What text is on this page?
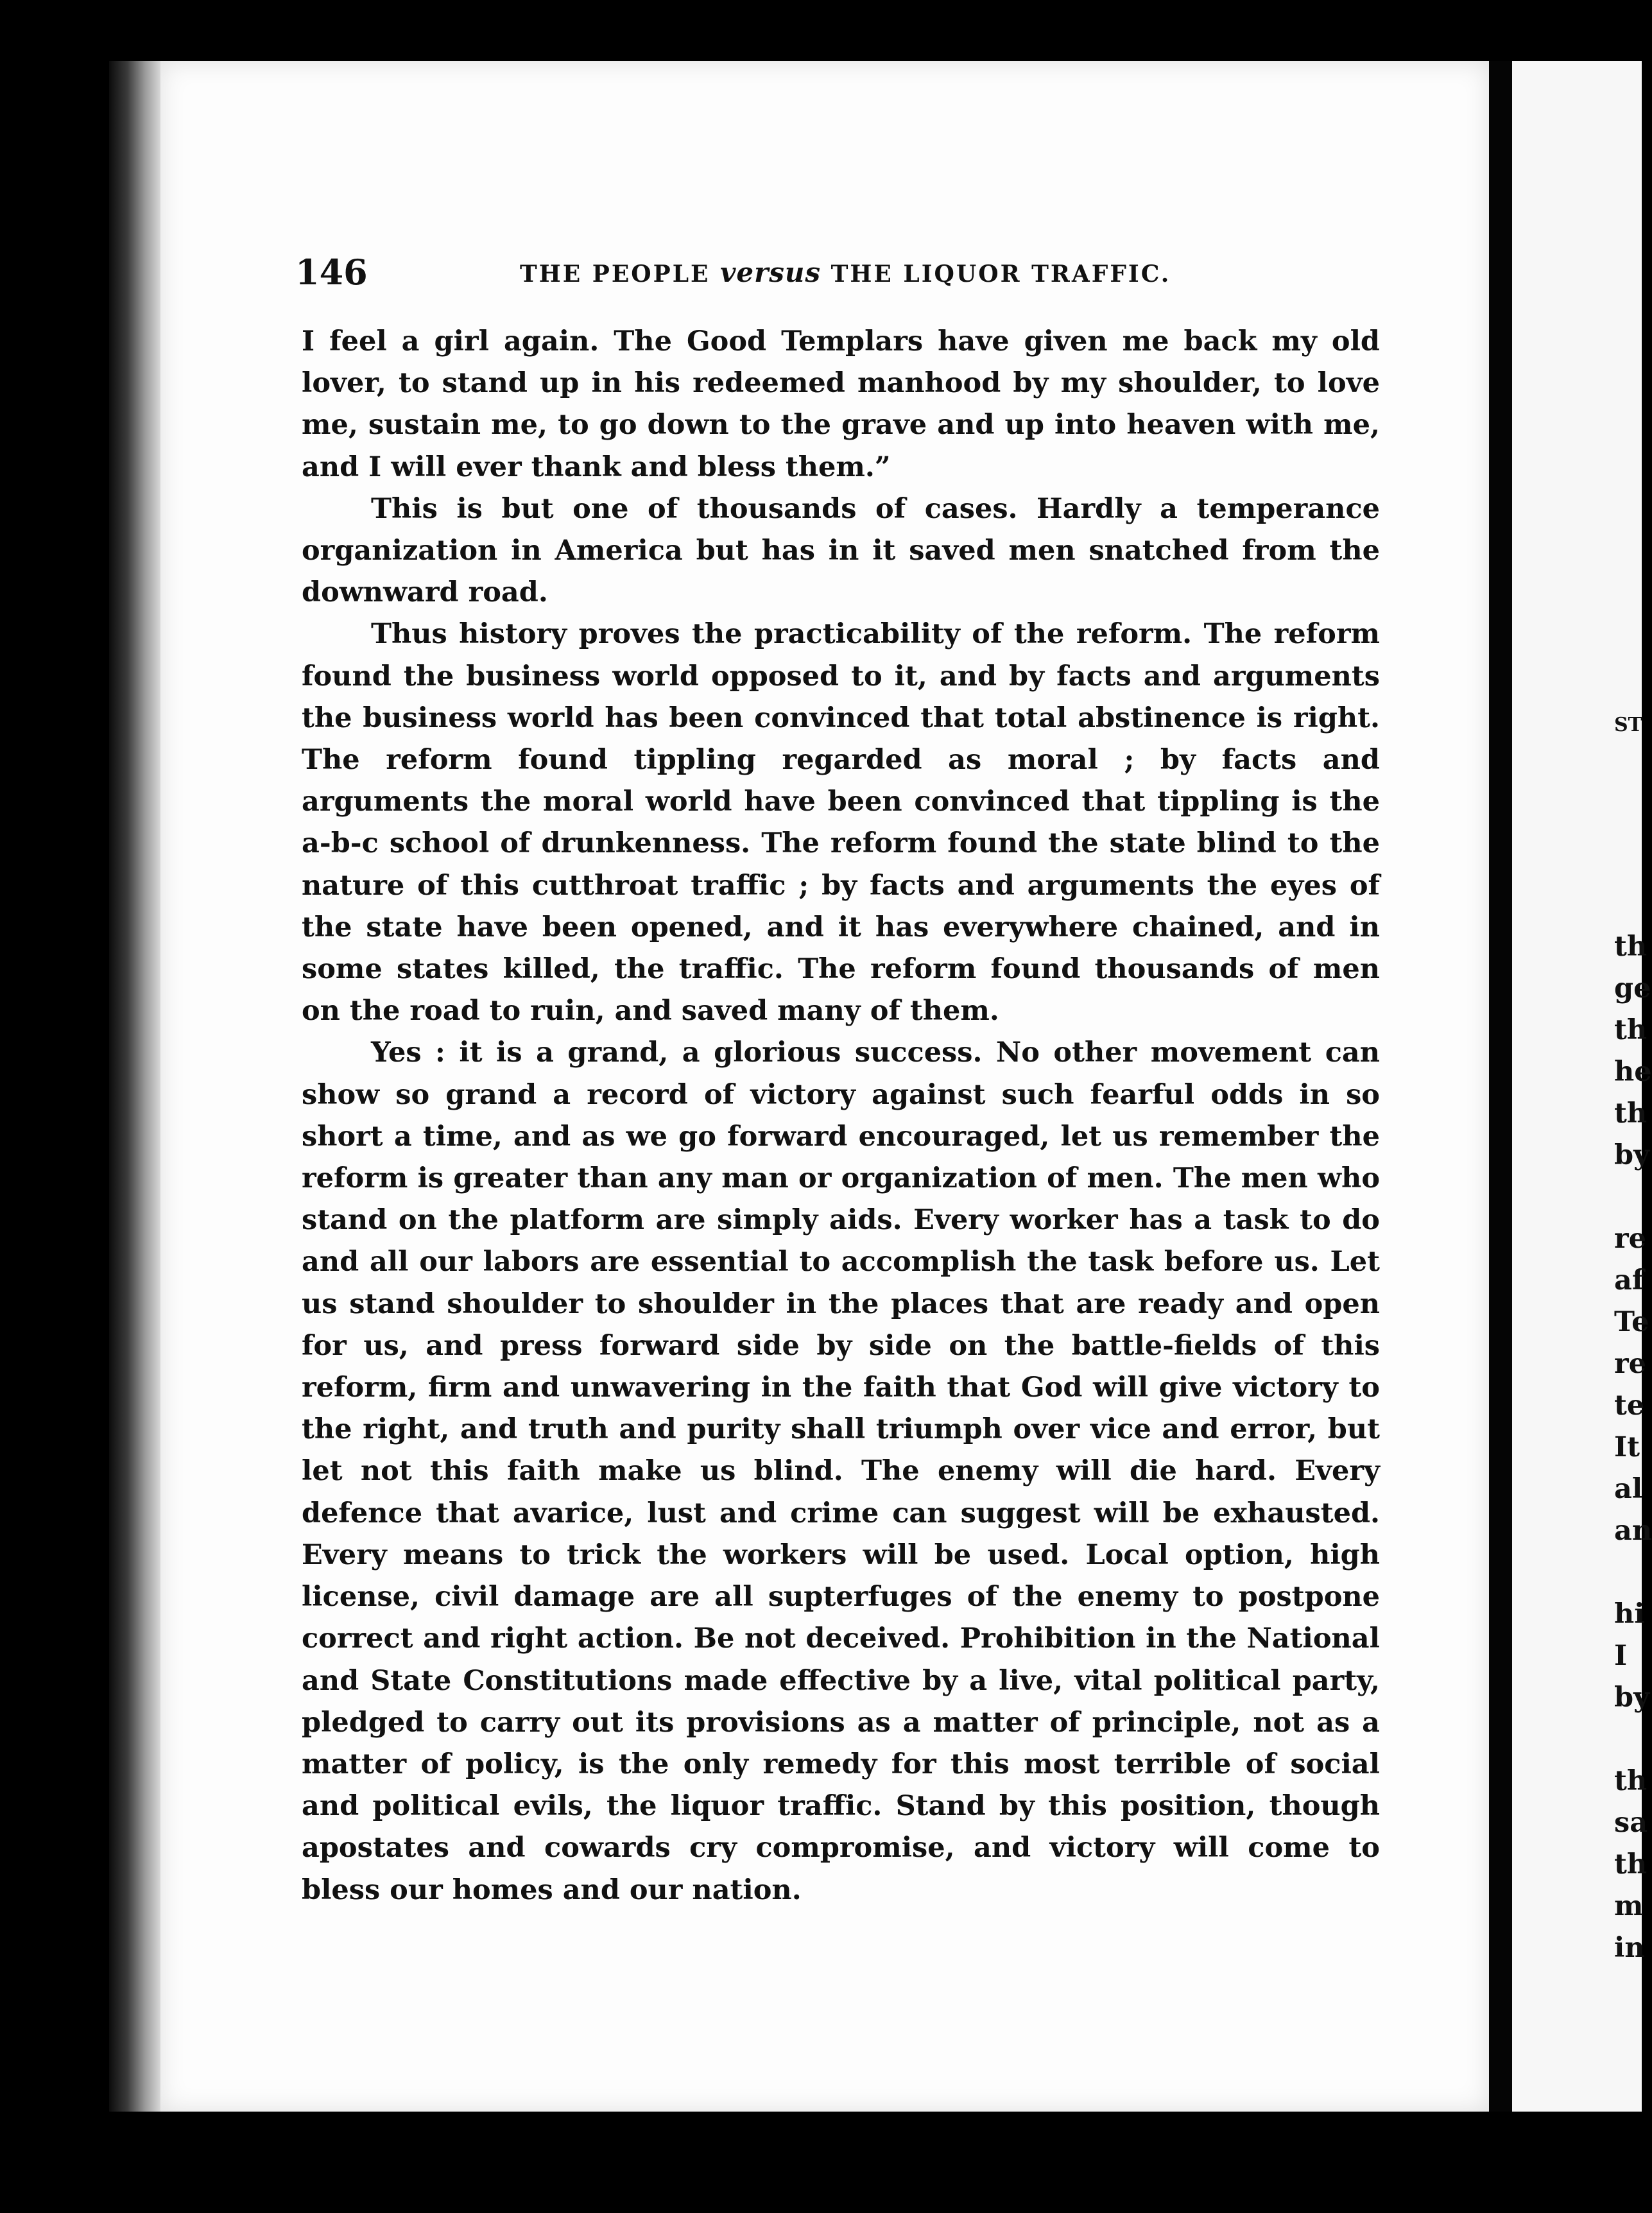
146	THE PEOPLE versus THE LIQUOR TRAFFIC.

I feel a girl again. The Good Templars have given me back my old lover, to stand up in his redeemed manhood by my shoulder, to love me, sustain me, to go down to the grave and up into heaven with me, and I will ever thank and bless them.”

This is but one of thousands of cases. Hardly a temperance organization in America but has in it saved men snatched from the downward road.

Thus history proves the practicability of the reform. The reform found the business world opposed to it, and by facts and arguments the business world has been convinced that total abstinence is right. The reform found tippling regarded as moral ; by facts and arguments the moral world have been convinced that tippling is the a-b-c school of drunkenness. The reform found the state blind to the nature of this cutthroat traffic ; by facts and arguments the eyes of the state have been opened, and it has everywhere chained, and in some states killed, the traffic. The reform found thousands of men on the road to ruin, and saved many of them.

Yes : it is a grand, a glorious success. No other movement can show so grand a record of victory against such fearful odds in so short a time, and as we go forward encouraged, let us remember the reform is greater than any man or organization of men. The men who stand on the platform are simply aids. Every worker has a task to do and all our labors are essential to accomplish the task before us. Let us stand shoulder to shoulder in the places that are ready and open for us, and press forward side by side on the battle-fields of this reform, firm and unwavering in the faith that God will give victory to the right, and truth and purity shall triumph over vice and error, but let not this faith make us blind. The enemy will die hard. Every defence that avarice, lust and crime can suggest will be exhausted. Every means to trick the workers will be used. Local option, high license, civil damage are all supterfuges of the enemy to postpone correct and right action. Be not deceived. Prohibition in the National and State Constitutions made effective by a live, vital political party, pledged to carry out its provisions as a matter of principle, not as a matter of policy, is the only remedy for this most terrible of social and political evils, the liquor traffic. Stand by this position, though apostates and cowards cry compromise, and victory will come to bless our homes and our nation.

ST
th
ge
th
he
th
by
re
af
Te
re
te
It
al
an
hi
I
by
th
sa
th
m
in
